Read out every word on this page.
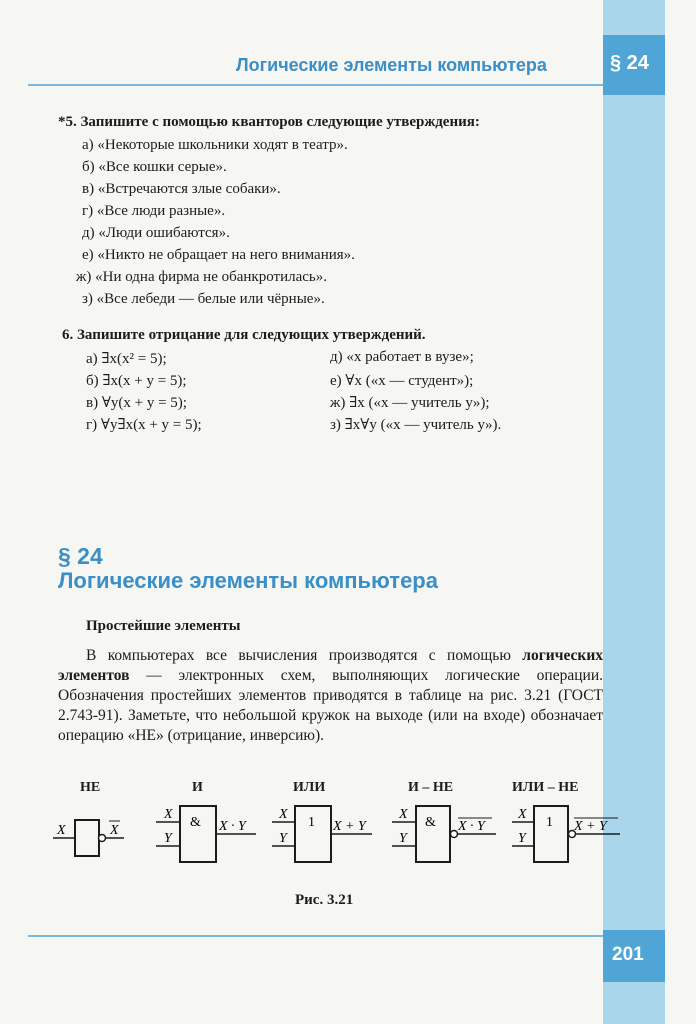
Логические элементы компьютера	§ 24
*5. Запишите с помощью кванторов следующие утверждения:
а) «Некоторые школьники ходят в театр».
б) «Все кошки серые».
в) «Встречаются злые собаки».
г) «Все люди разные».
д) «Люди ошибаются».
е) «Никто не обращает на него внимания».
ж) «Ни одна фирма не обанкротилась».
з) «Все лебеди — белые или чёрные».
6. Запишите отрицание для следующих утверждений.
а) ∃x(x² = 5);
б) ∃x(x + y = 5);
в) ∀y(x + y = 5);
г) ∀y∃x(x + y = 5);
д) «x работает в вузе»;
е) ∀x («x — студент»);
ж) ∃x («x — учитель y»);
з) ∃x∀y («x — учитель y»).
§ 24
Логические элементы компьютера
Простейшие элементы
В компьютерах все вычисления производятся с помощью логических элементов — электронных схем, выполняющих логические операции. Обозначения простейших элементов приводятся в таблице на рис. 3.21 (ГОСТ 2.743-91). Заметьте, что небольшой кружок на выходе (или на входе) обозначает операцию «НЕ» (отрицание, инверсию).
НЕ	И	ИЛИ	И – НЕ	ИЛИ – НЕ
X	X
&
X
Y
X · Y	1
X
Y
X + Y	&
X
Y
X · Y	1
X
Y
X + Y
Рис. 3.21
201
